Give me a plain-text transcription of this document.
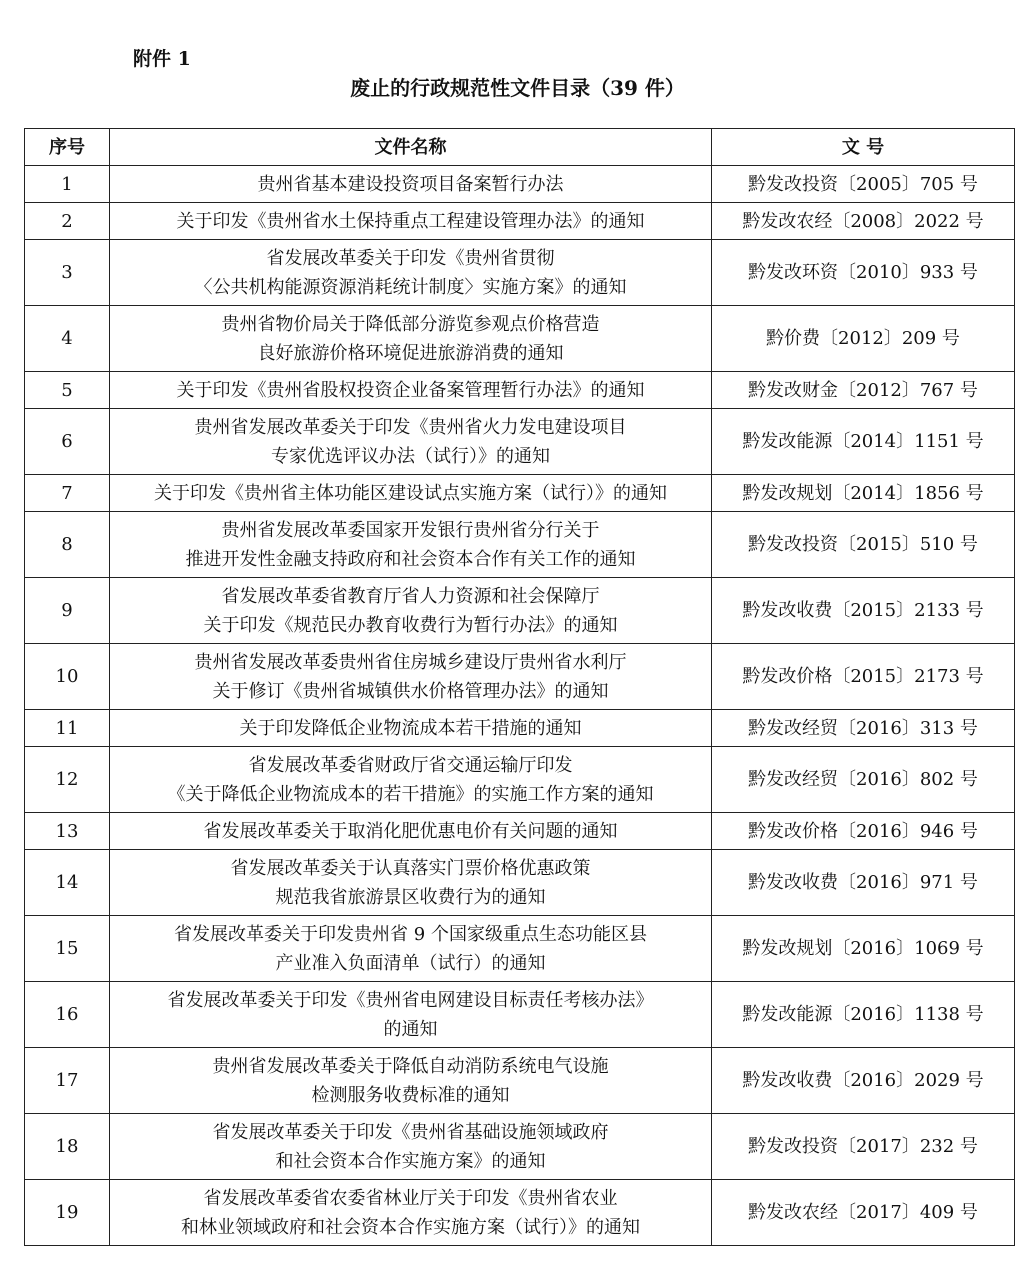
附件 1
废止的行政规范性文件目录（39 件）
序号	文件名称	文 号
1	贵州省基本建设投资项目备案暂行办法	黔发改投资〔2005〕705 号
2	关于印发《贵州省水土保持重点工程建设管理办法》的通知	黔发改农经〔2008〕2022 号
3	省发展改革委关于印发《贵州省贯彻
〈公共机构能源资源消耗统计制度〉实施方案》的通知	黔发改环资〔2010〕933 号
4	贵州省物价局关于降低部分游览参观点价格营造
良好旅游价格环境促进旅游消费的通知	黔价费〔2012〕209 号
5	关于印发《贵州省股权投资企业备案管理暂行办法》的通知	黔发改财金〔2012〕767 号
6	贵州省发展改革委关于印发《贵州省火力发电建设项目
专家优选评议办法（试行）》的通知	黔发改能源〔2014〕1151 号
7	关于印发《贵州省主体功能区建设试点实施方案（试行）》的通知	黔发改规划〔2014〕1856 号
8	贵州省发展改革委国家开发银行贵州省分行关于
推进开发性金融支持政府和社会资本合作有关工作的通知	黔发改投资〔2015〕510 号
9	省发展改革委省教育厅省人力资源和社会保障厅
关于印发《规范民办教育收费行为暂行办法》的通知	黔发改收费〔2015〕2133 号
10	贵州省发展改革委贵州省住房城乡建设厅贵州省水利厅
关于修订《贵州省城镇供水价格管理办法》的通知	黔发改价格〔2015〕2173 号
11	关于印发降低企业物流成本若干措施的通知	黔发改经贸〔2016〕313 号
12	省发展改革委省财政厅省交通运输厅印发
《关于降低企业物流成本的若干措施》的实施工作方案的通知	黔发改经贸〔2016〕802 号
13	省发展改革委关于取消化肥优惠电价有关问题的通知	黔发改价格〔2016〕946 号
14	省发展改革委关于认真落实门票价格优惠政策
规范我省旅游景区收费行为的通知	黔发改收费〔2016〕971 号
15	省发展改革委关于印发贵州省 9 个国家级重点生态功能区县
产业准入负面清单（试行）的通知	黔发改规划〔2016〕1069 号
16	省发展改革委关于印发《贵州省电网建设目标责任考核办法》
的通知	黔发改能源〔2016〕1138 号
17	贵州省发展改革委关于降低自动消防系统电气设施
检测服务收费标准的通知	黔发改收费〔2016〕2029 号
18	省发展改革委关于印发《贵州省基础设施领域政府
和社会资本合作实施方案》的通知	黔发改投资〔2017〕232 号
19	省发展改革委省农委省林业厅关于印发《贵州省农业
和林业领域政府和社会资本合作实施方案（试行）》的通知	黔发改农经〔2017〕409 号
